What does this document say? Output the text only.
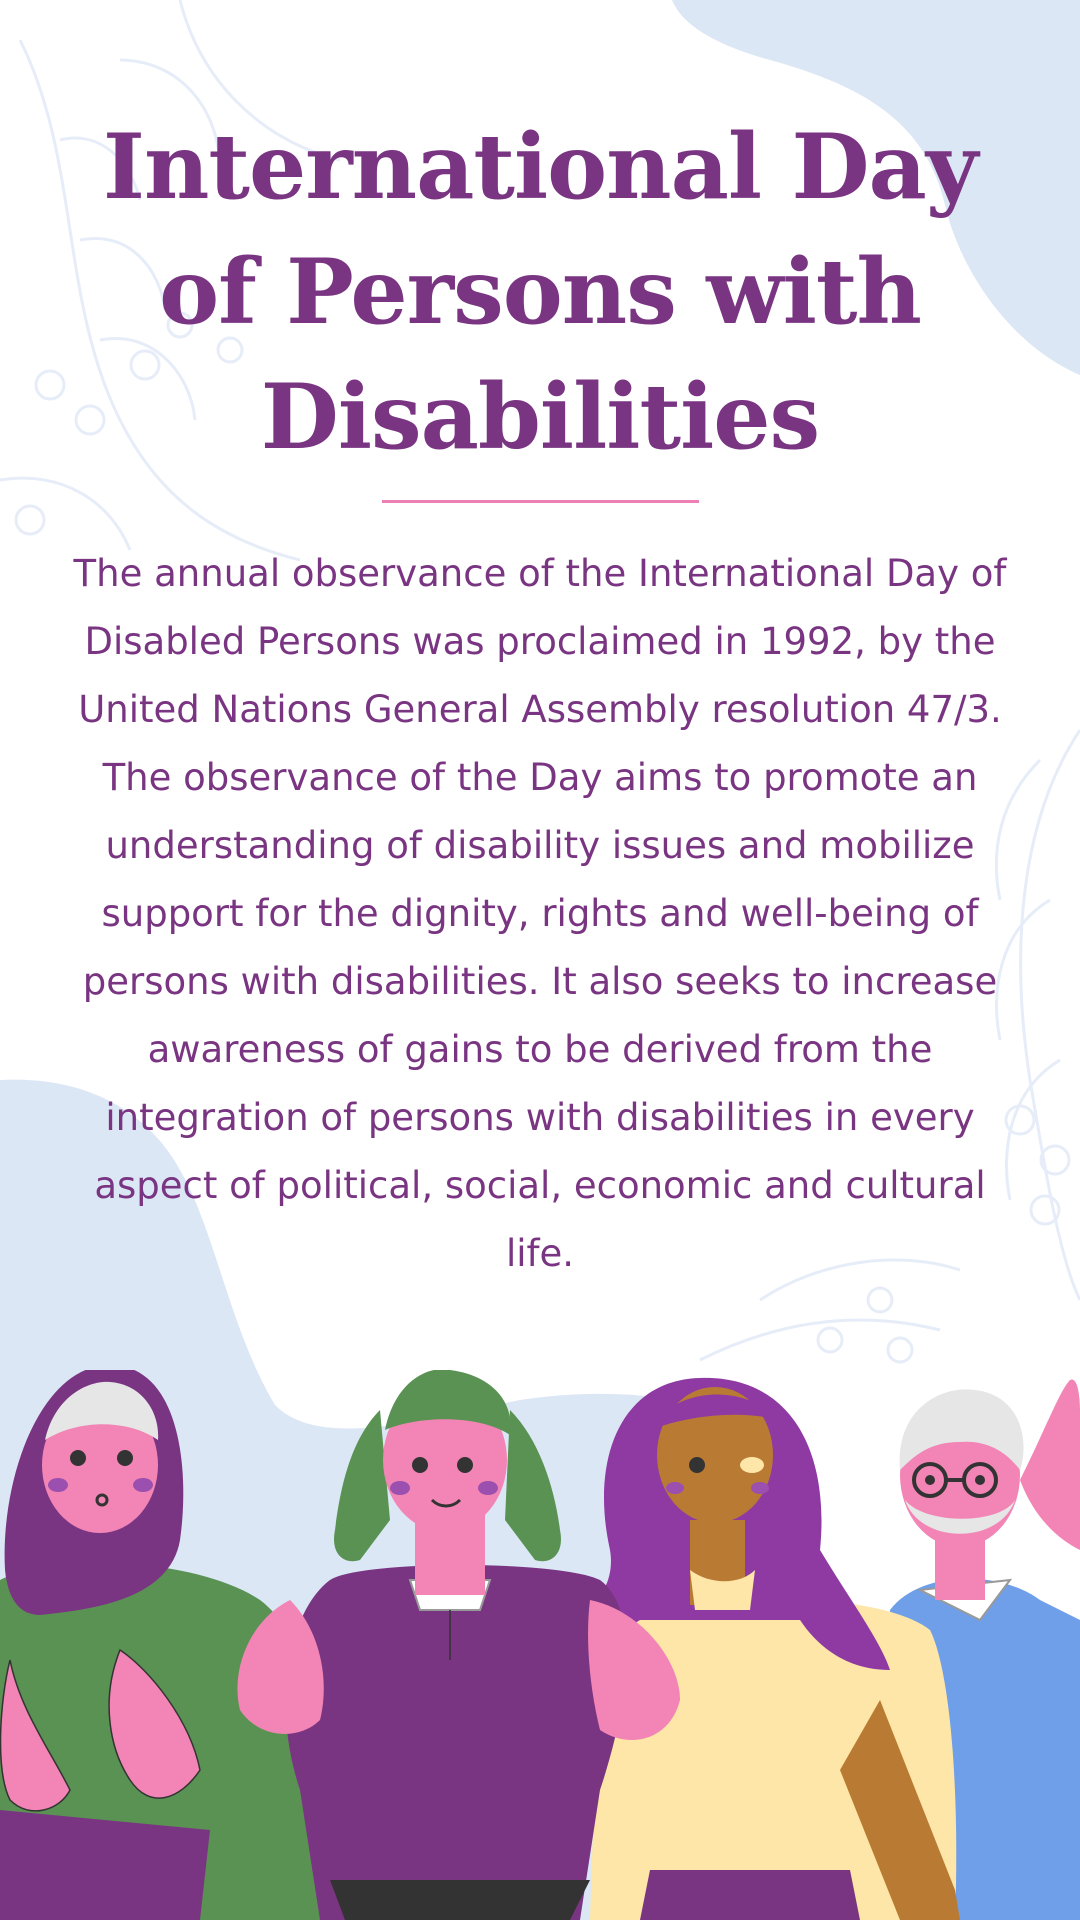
International Day of Persons with Disabilities

The annual observance of the International Day of Disabled Persons was proclaimed in 1992, by the United Nations General Assembly resolution 47/3. The observance of the Day aims to promote an understanding of disability issues and mobilize support for the dignity, rights and well-being of persons with disabilities. It also seeks to increase awareness of gains to be derived from the integration of persons with disabilities in every aspect of political, social, economic and cultural life.
